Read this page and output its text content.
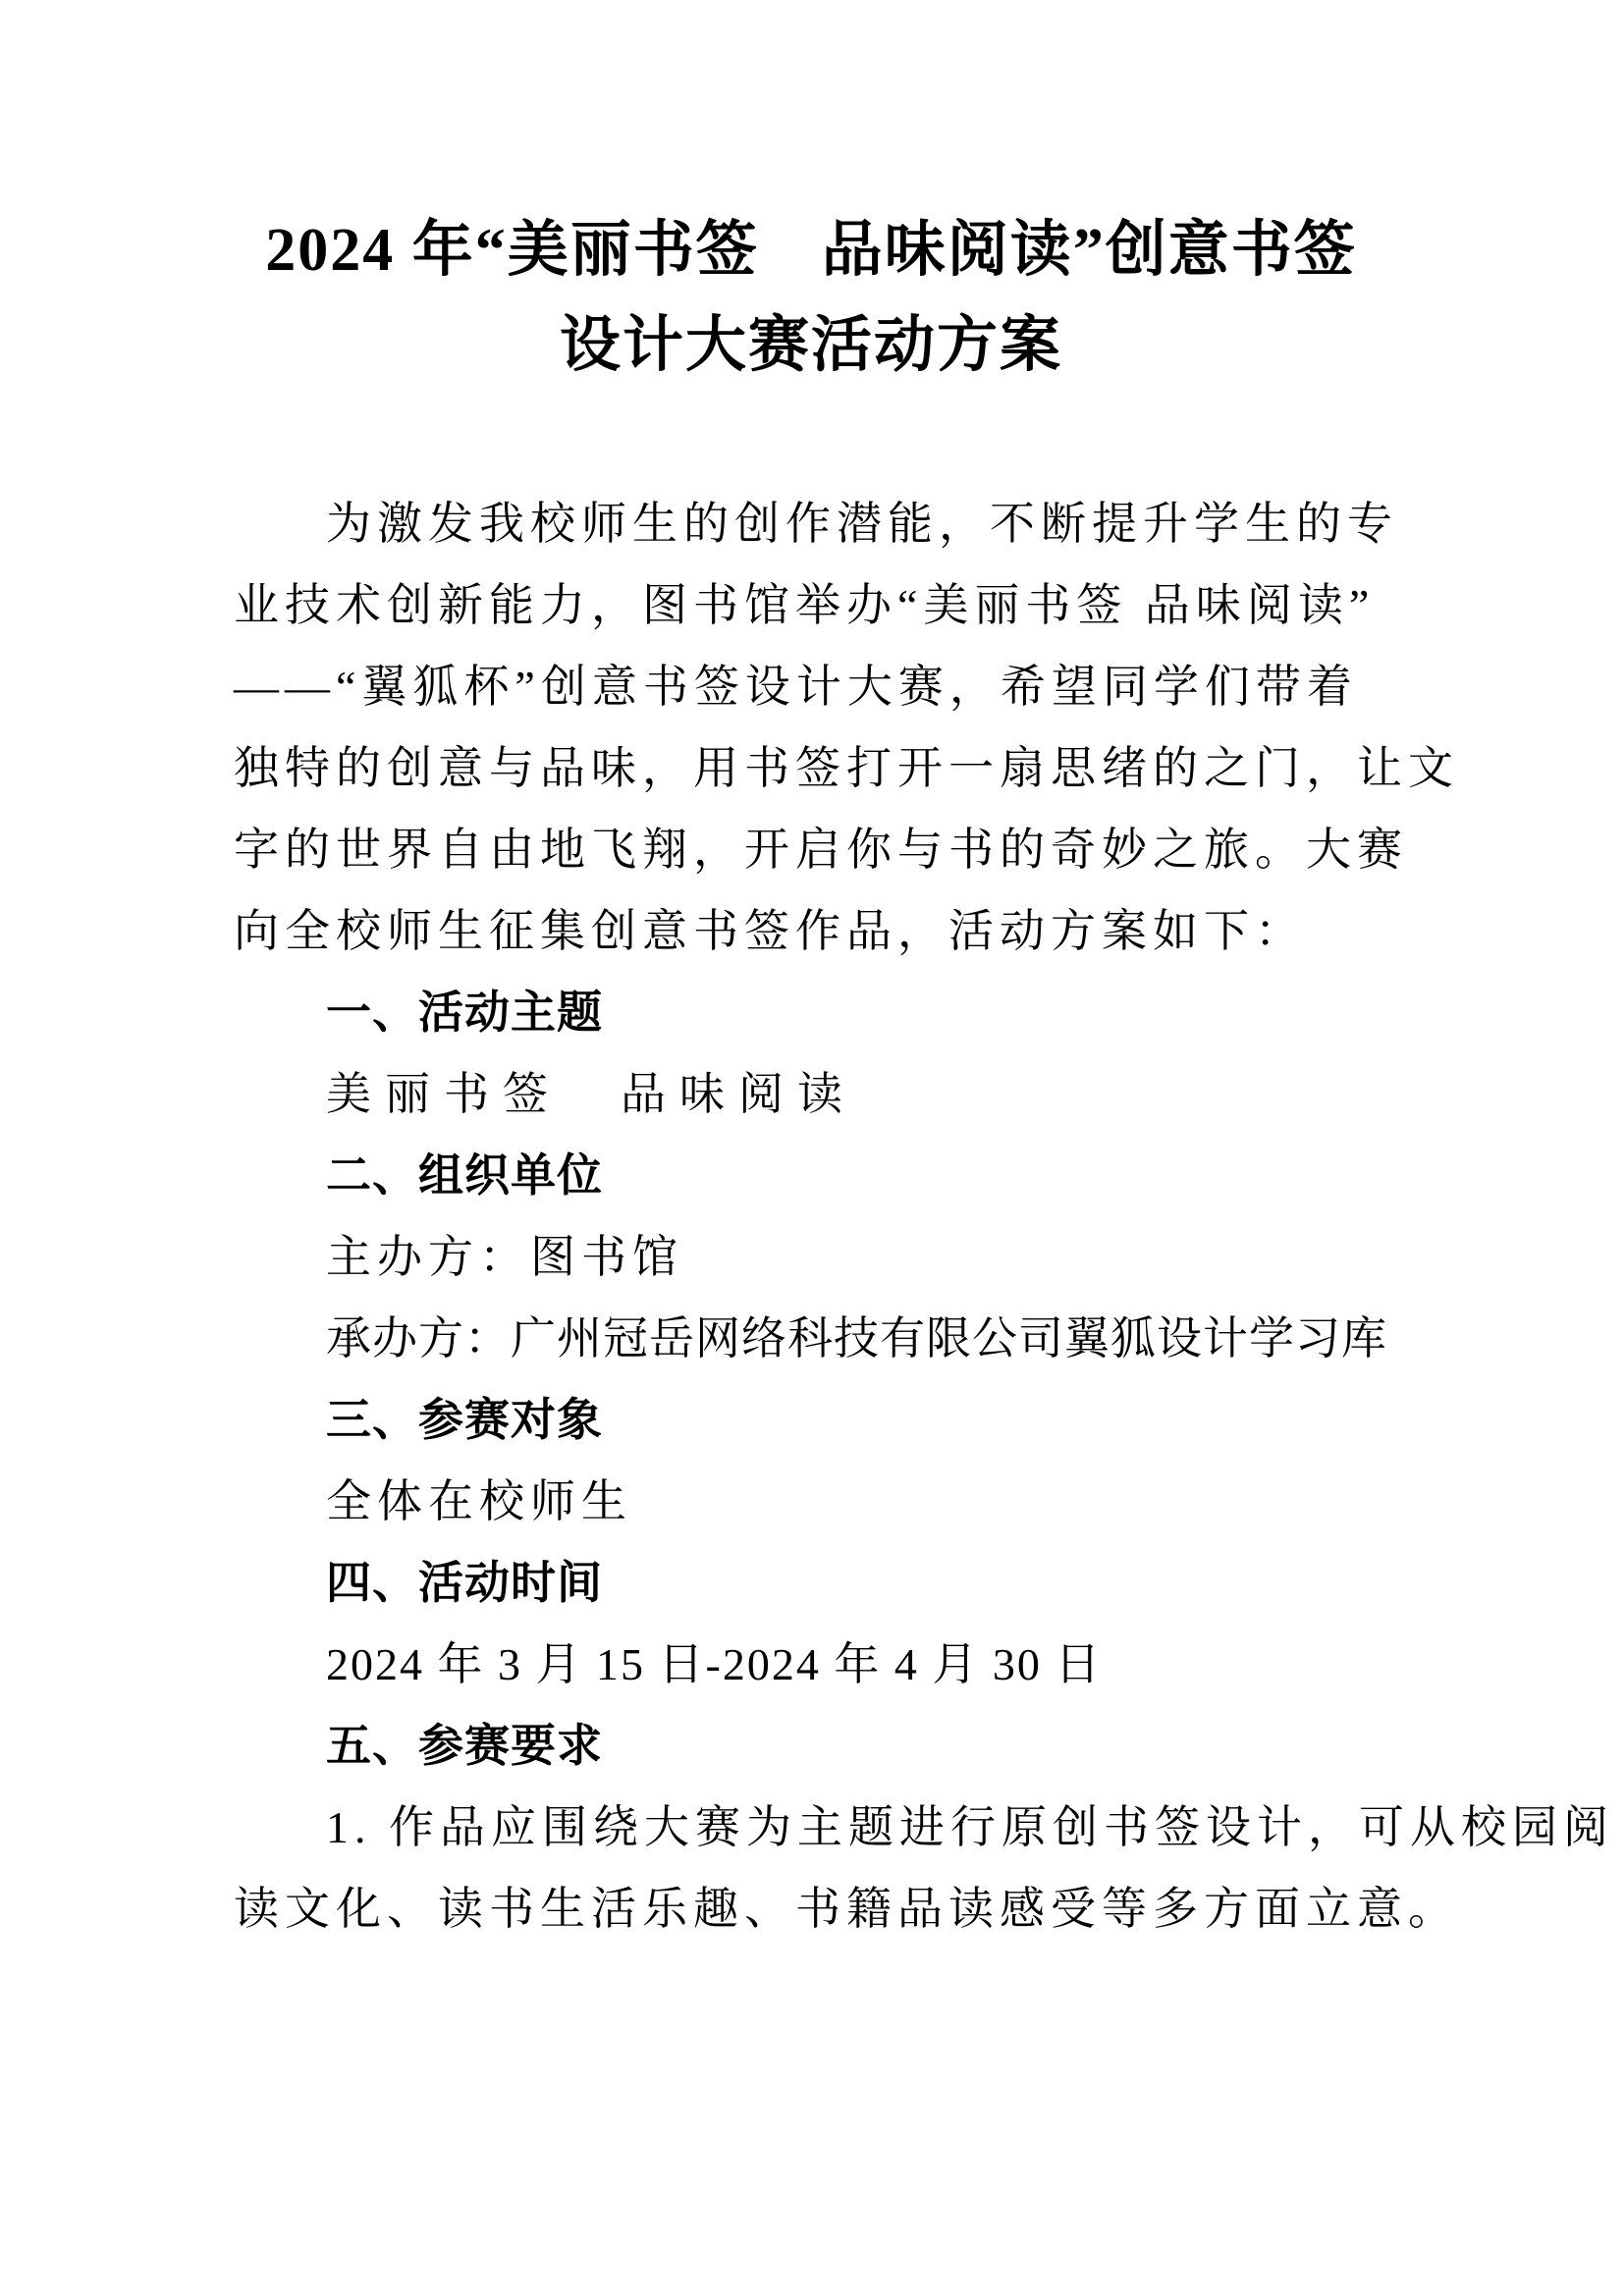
2024 年“美丽书签　品味阅读”创意书签
设计大赛活动方案
为激发我校师生的创作潜能，不断提升学生的专
业技术创新能力，图书馆举办“美丽书签 品味阅读”
——“翼狐杯”创意书签设计大赛，希望同学们带着
独特的创意与品味，用书签打开一扇思绪的之门，让文
字的世界自由地飞翔，开启你与书的奇妙之旅。大赛
向全校师生征集创意书签作品，活动方案如下：
一、活动主题
美丽书签　品味阅读
二、组织单位
主办方：图书馆
承办方：广州冠岳网络科技有限公司翼狐设计学习库
三、参赛对象
全体在校师生
四、活动时间
2024 年 3 月 15 日-2024 年 4 月 30 日
五、参赛要求
1. 作品应围绕大赛为主题进行原创书签设计，可从校园阅
读文化、读书生活乐趣、书籍品读感受等多方面立意。
